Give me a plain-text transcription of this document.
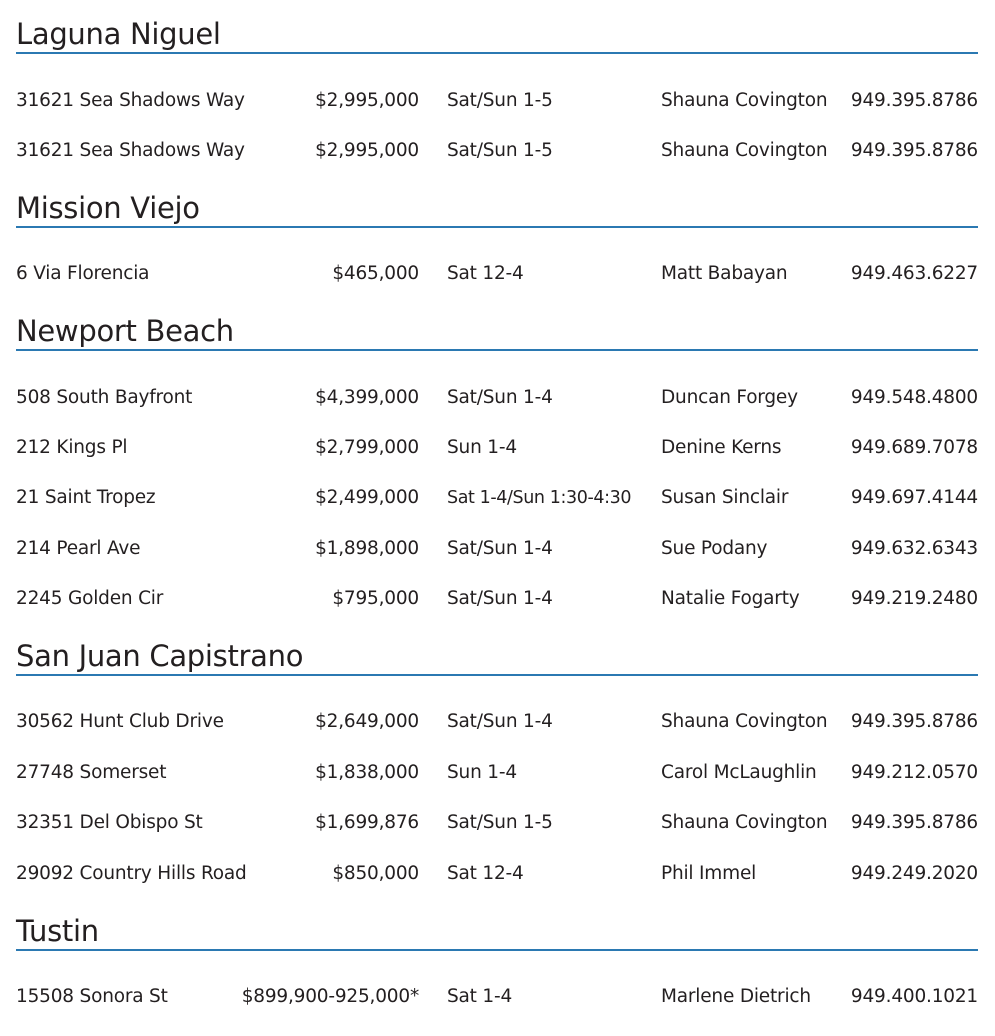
Laguna Niguel
31621 Sea Shadows Way	$2,995,000 Sat/Sun 1-5	Shauna Covington 949.395.8786
31621 Sea Shadows Way	$2,995,000 Sat/Sun 1-5	Shauna Covington 949.395.8786
Mission Viejo
6 Via Florencia	$465,000 Sat 12-4	Matt Babayan	949.463.6227
Newport Beach
508 South Bayfront	$4,399,000 Sat/Sun 1-4	Duncan Forgey	949.548.4800
212 Kings Pl	$2,799,000 Sun 1-4	Denine Kerns	949.689.7078
21 Saint Tropez	$2,499,000 Sat 1-4/Sun 1:30-4:30 Susan Sinclair	949.697.4144
214 Pearl Ave	$1,898,000 Sat/Sun 1-4	Sue Podany	949.632.6343
2245 Golden Cir	$795,000 Sat/Sun 1-4	Natalie Fogarty	949.219.2480
San Juan Capistrano
30562 Hunt Club Drive	$2,649,000 Sat/Sun 1-4	Shauna Covington 949.395.8786
27748 Somerset	$1,838,000 Sun 1-4	Carol McLaughlin 949.212.0570
32351 Del Obispo St	$1,699,876 Sat/Sun 1-5	Shauna Covington 949.395.8786
29092 Country Hills Road	$850,000 Sat 12-4	Phil Immel	949.249.2020
Tustin
15508 Sonora St	$899,900-925,000* Sat 1-4	Marlene Dietrich 949.400.1021
